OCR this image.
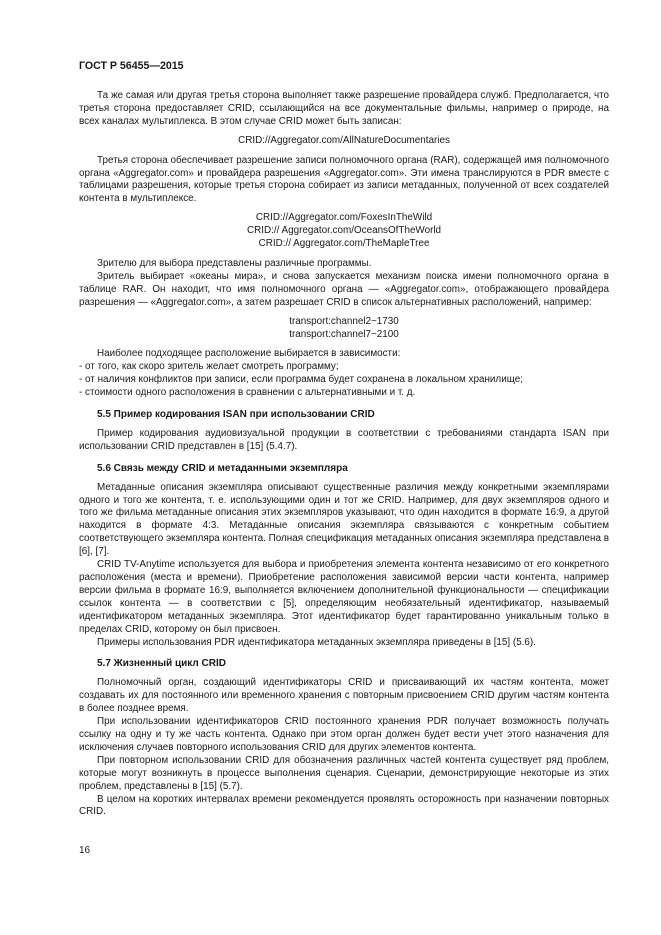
ГОСТ Р 56455—2015

Та же самая или другая третья сторона выполняет также разрешение провайдера служб. Предполагается, что третья сторона предоставляет CRID, ссылающийся на все документальные фильмы, например о природе, на всех каналах мультиплекса. В этом случае CRID может быть записан:

CRID://Aggregator.com/AllNatureDocumentaries

Третья сторона обеспечивает разрешение записи полномочного органа (RAR), содержащей имя полномочного органа «Aggregator.com» и провайдера разрешения «Aggregator.com». Эти имена транслируются в PDR вместе с таблицами разрешения, которые третья сторона собирает из записи метаданных, полученной от всех создателей контента в мультиплексе.

CRID://Aggregator.com/FoxesInTheWild
CRID:// Aggregator.com/OceansOfTheWorld
CRID:// Aggregator.com/TheMapleTree

Зрителю для выбора представлены различные программы.

Зритель выбирает «океаны мира», и снова запускается механизм поиска имени полномочного органа в таблице RAR. Он находит, что имя полномочного органа — «Aggregator.com», отображающего провайдера разрешения — «Aggregator.com», а затем разрешает CRID в список альтернативных расположений, например:

transport:channel2~1730
transport:channel7~2100

Наиболее подходящее расположение выбирается в зависимости:

- от того, как скоро зритель желает смотреть программу;
- от наличия конфликтов при записи, если программа будет сохранена в локальном хранилище;
- стоимости одного расположения в сравнении с альтернативными и т. д.
5.5 Пример кодирования ISAN при использовании CRID

Пример кодирования аудиовизуальной продукции в соответствии с требованиями стандарта ISAN при использовании CRID представлен в [15] (5.4.7).

5.6 Связь между CRID и метаданными экземпляра

Метаданные описания экземпляра описывают существенные различия между конкретными экземплярами одного и того же контента, т. е. использующими один и тот же CRID. Например, для двух экземпляров одного и того же фильма метаданные описания этих экземпляров указывают, что один находится в формате 16:9, а другой находится в формате 4:3. Метаданные описания экземпляра связываются с конкретным событием соответствующего экземпляра контента. Полная спецификация метаданных описания экземпляра представлена в [6], [7].

CRID TV-Anytime используется для выбора и приобретения элемента контента независимо от его конкретного расположения (места и времени). Приобретение расположения зависимой версии части контента, например версии фильма в формате 16:9, выполняется включением дополнительной функциональности — спецификации ссылок контента — в соответствии с [5], определяющим необязательный идентификатор, называемый идентификатором метаданных экземпляра. Этот идентификатор будет гарантированно уникальным только в пределах CRID, которому он был присвоен.

Примеры использования PDR идентификатора метаданных экземпляра приведены в [15] (5.6).

5.7 Жизненный цикл CRID

Полномочный орган, создающий идентификаторы CRID и присваивающий их частям контента, может создавать их для постоянного или временного хранения с повторным присвоением CRID другим частям контента в более позднее время.

При использовании идентификаторов CRID постоянного хранения PDR получает возможность получать ссылку на одну и ту же часть контента. Однако при этом орган должен будет вести учет этого назначения для исключения случаев повторного использования CRID для других элементов контента.

При повторном использовании CRID для обозначения различных частей контента существует ряд проблем, которые могут возникнуть в процессе выполнения сценария. Сценарии, демонстрирующие некоторые из этих проблем, представлены в [15] (5.7).

В целом на коротких интервалах времени рекомендуется проявлять осторожность при назначении повторных CRID.

16
